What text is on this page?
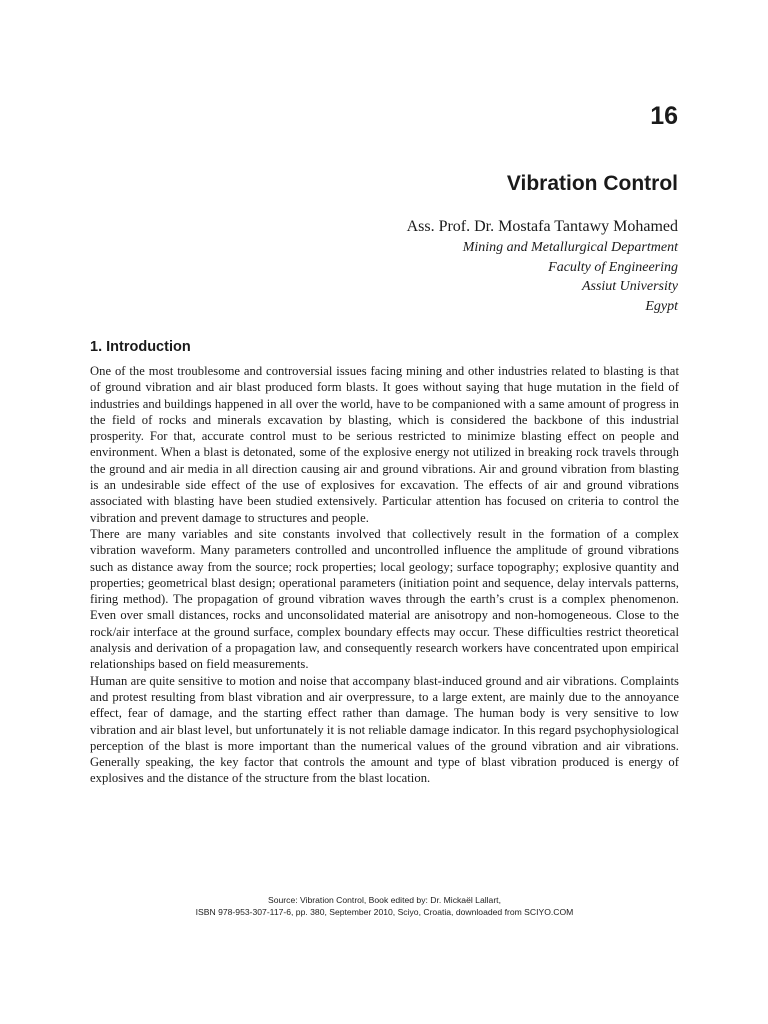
16
Vibration Control
Ass. Prof. Dr. Mostafa Tantawy Mohamed
Mining and Metallurgical Department
Faculty of Engineering
Assiut University
Egypt
1. Introduction

One of the most troublesome and controversial issues facing mining and other industries related to blasting is that of ground vibration and air blast produced form blasts. It goes without saying that huge mutation in the field of industries and buildings happened in all over the world, have to be companioned with a same amount of progress in the field of rocks and minerals excavation by blasting, which is considered the backbone of this industrial prosperity. For that, accurate control must to be serious restricted to minimize blasting effect on people and environment. When a blast is detonated, some of the explosive energy not utilized in breaking rock travels through the ground and air media in all direction causing air and ground vibrations. Air and ground vibration from blasting is an undesirable side effect of the use of explosives for excavation. The effects of air and ground vibrations associated with blasting have been studied extensively. Particular attention has focused on criteria to control the vibration and prevent damage to structures and people.

There are many variables and site constants involved that collectively result in the formation of a complex vibration waveform. Many parameters controlled and uncontrolled influence the amplitude of ground vibrations such as distance away from the source; rock properties; local geology; surface topography; explosive quantity and properties; geometrical blast design; operational parameters (initiation point and sequence, delay intervals patterns, firing method). The propagation of ground vibration waves through the earth’s crust is a complex phenomenon. Even over small distances, rocks and unconsolidated material are anisotropy and non-homogeneous. Close to the rock/air interface at the ground surface, complex boundary effects may occur. These difficulties restrict theoretical analysis and derivation of a propagation law, and consequently research workers have concentrated upon empirical relationships based on field measurements.

Human are quite sensitive to motion and noise that accompany blast-induced ground and air vibrations. Complaints and protest resulting from blast vibration and air overpressure, to a large extent, are mainly due to the annoyance effect, fear of damage, and the starting effect rather than damage. The human body is very sensitive to low vibration and air blast level, but unfortunately it is not reliable damage indicator. In this regard psychophysiological perception of the blast is more important than the numerical values of the ground vibration and air vibrations. Generally speaking, the key factor that controls the amount and type of blast vibration produced is energy of explosives and the distance of the structure from the blast location.

Source: Vibration Control, Book edited by: Dr. Mickaël Lallart,
ISBN 978-953-307-117-6, pp. 380, September 2010, Sciyo, Croatia, downloaded from SCIYO.COM
